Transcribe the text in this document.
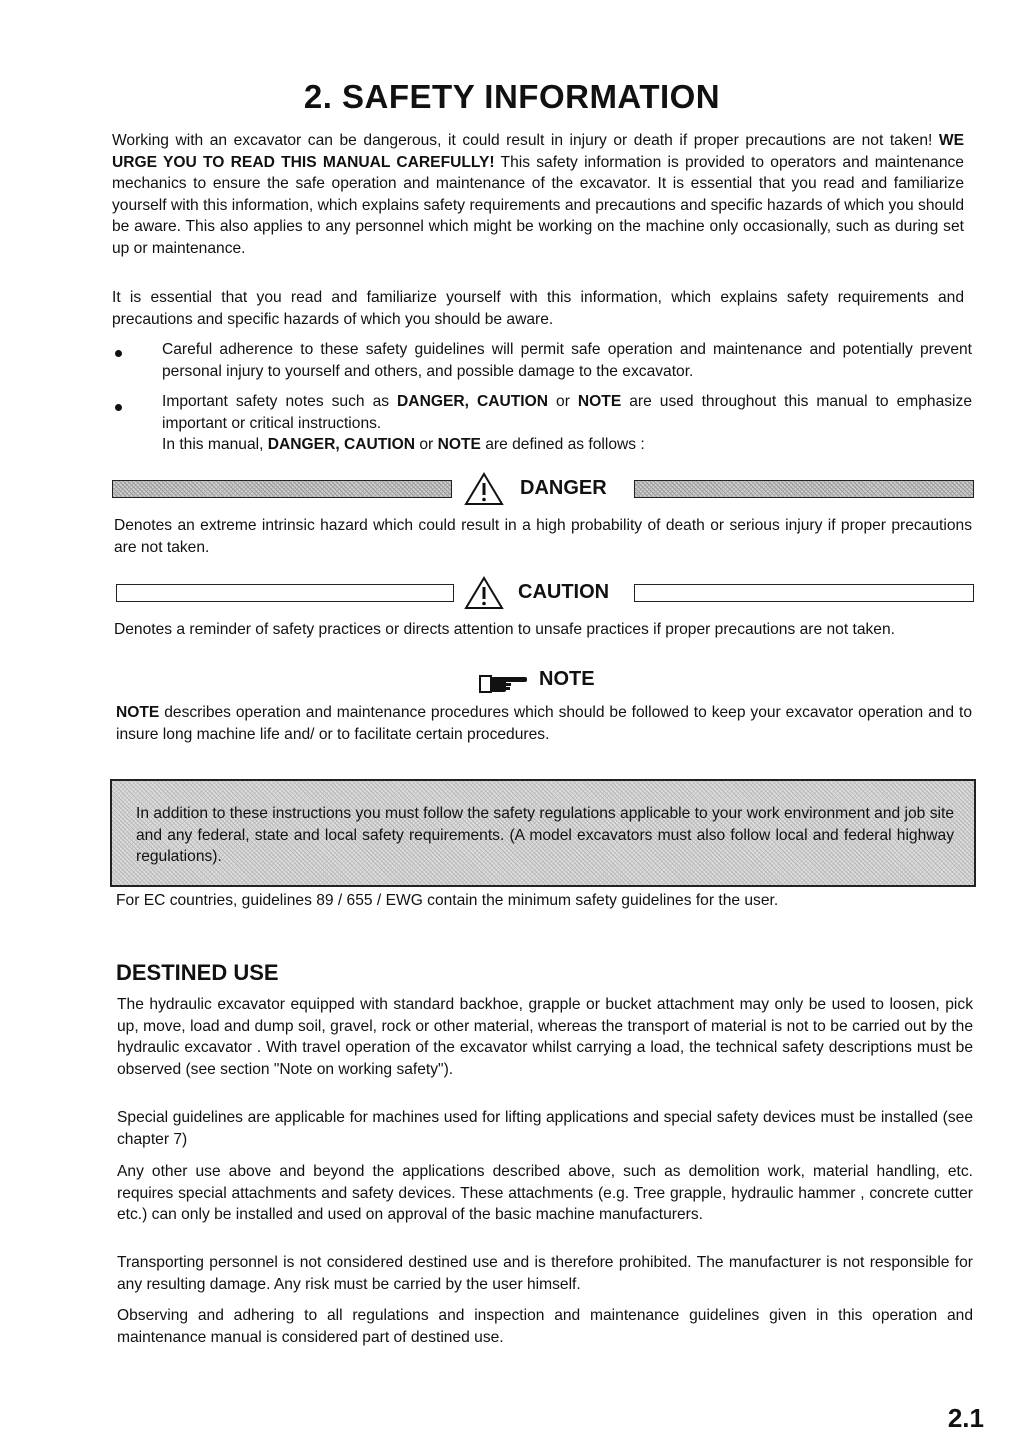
2. SAFETY INFORMATION

Working with an excavator can be dangerous, it could result in injury or death if proper precautions are not taken! WE URGE YOU TO READ THIS MANUAL CAREFULLY! This safety information is provided to operators and maintenance mechanics to ensure the safe operation and maintenance of the excavator. It is essential that you read and familiarize yourself with this information, which explains safety requirements and precautions and specific hazards of which you should be aware. This also applies to any personnel which might be working on the machine only occasionally, such as during set up or maintenance.

It is essential that you read and familiarize yourself with this information, which explains safety requirements and precautions and specific hazards of which you should be aware.

Careful adherence to these safety guidelines will permit safe operation and maintenance and potentially prevent personal injury to yourself and others, and possible damage to the excavator.

Important safety notes such as DANGER, CAUTION or NOTE are used throughout this manual to emphasize important or critical instructions.
In this manual, DANGER, CAUTION or NOTE are defined as follows :

DANGER

Denotes an extreme intrinsic hazard which could result in a high probability of death or serious injury if proper precautions are not taken.

CAUTION

Denotes a reminder of safety practices or directs attention to unsafe practices if proper precautions are not taken.

NOTE

NOTE describes operation and maintenance procedures which should be followed to keep your excavator operation and to insure long machine life and/ or to facilitate certain procedures.

In addition to these instructions you must follow the safety regulations applicable to your work environment and job site and any federal, state and local safety requirements. (A model excavators must also follow local and federal highway regulations).

For EC countries, guidelines 89 / 655 / EWG contain the minimum safety guidelines for the user.

DESTINED USE

The hydraulic excavator equipped with standard backhoe, grapple or bucket attachment may only be used to loosen, pick up, move, load and dump soil, gravel, rock or other material, whereas the transport of material is not to be carried out by the hydraulic excavator . With travel operation of the excavator whilst carrying a load, the technical safety descriptions must be observed (see section "Note on working safety").

Special guidelines are applicable for machines used for lifting applications and special safety devices must be installed (see chapter 7)

Any other use above and beyond the applications described above, such as demolition work, material handling, etc. requires special attachments and safety devices. These attachments (e.g. Tree grapple, hydraulic hammer , concrete cutter etc.) can only be installed and used on approval of the basic machine manufacturers.

Transporting personnel is not considered destined use and is therefore prohibited. The manufacturer is not responsible for any resulting damage. Any risk must be carried by the user himself.

Observing and adhering to all regulations and inspection and maintenance guidelines given in this operation and maintenance manual is considered part of destined use.

2.1
